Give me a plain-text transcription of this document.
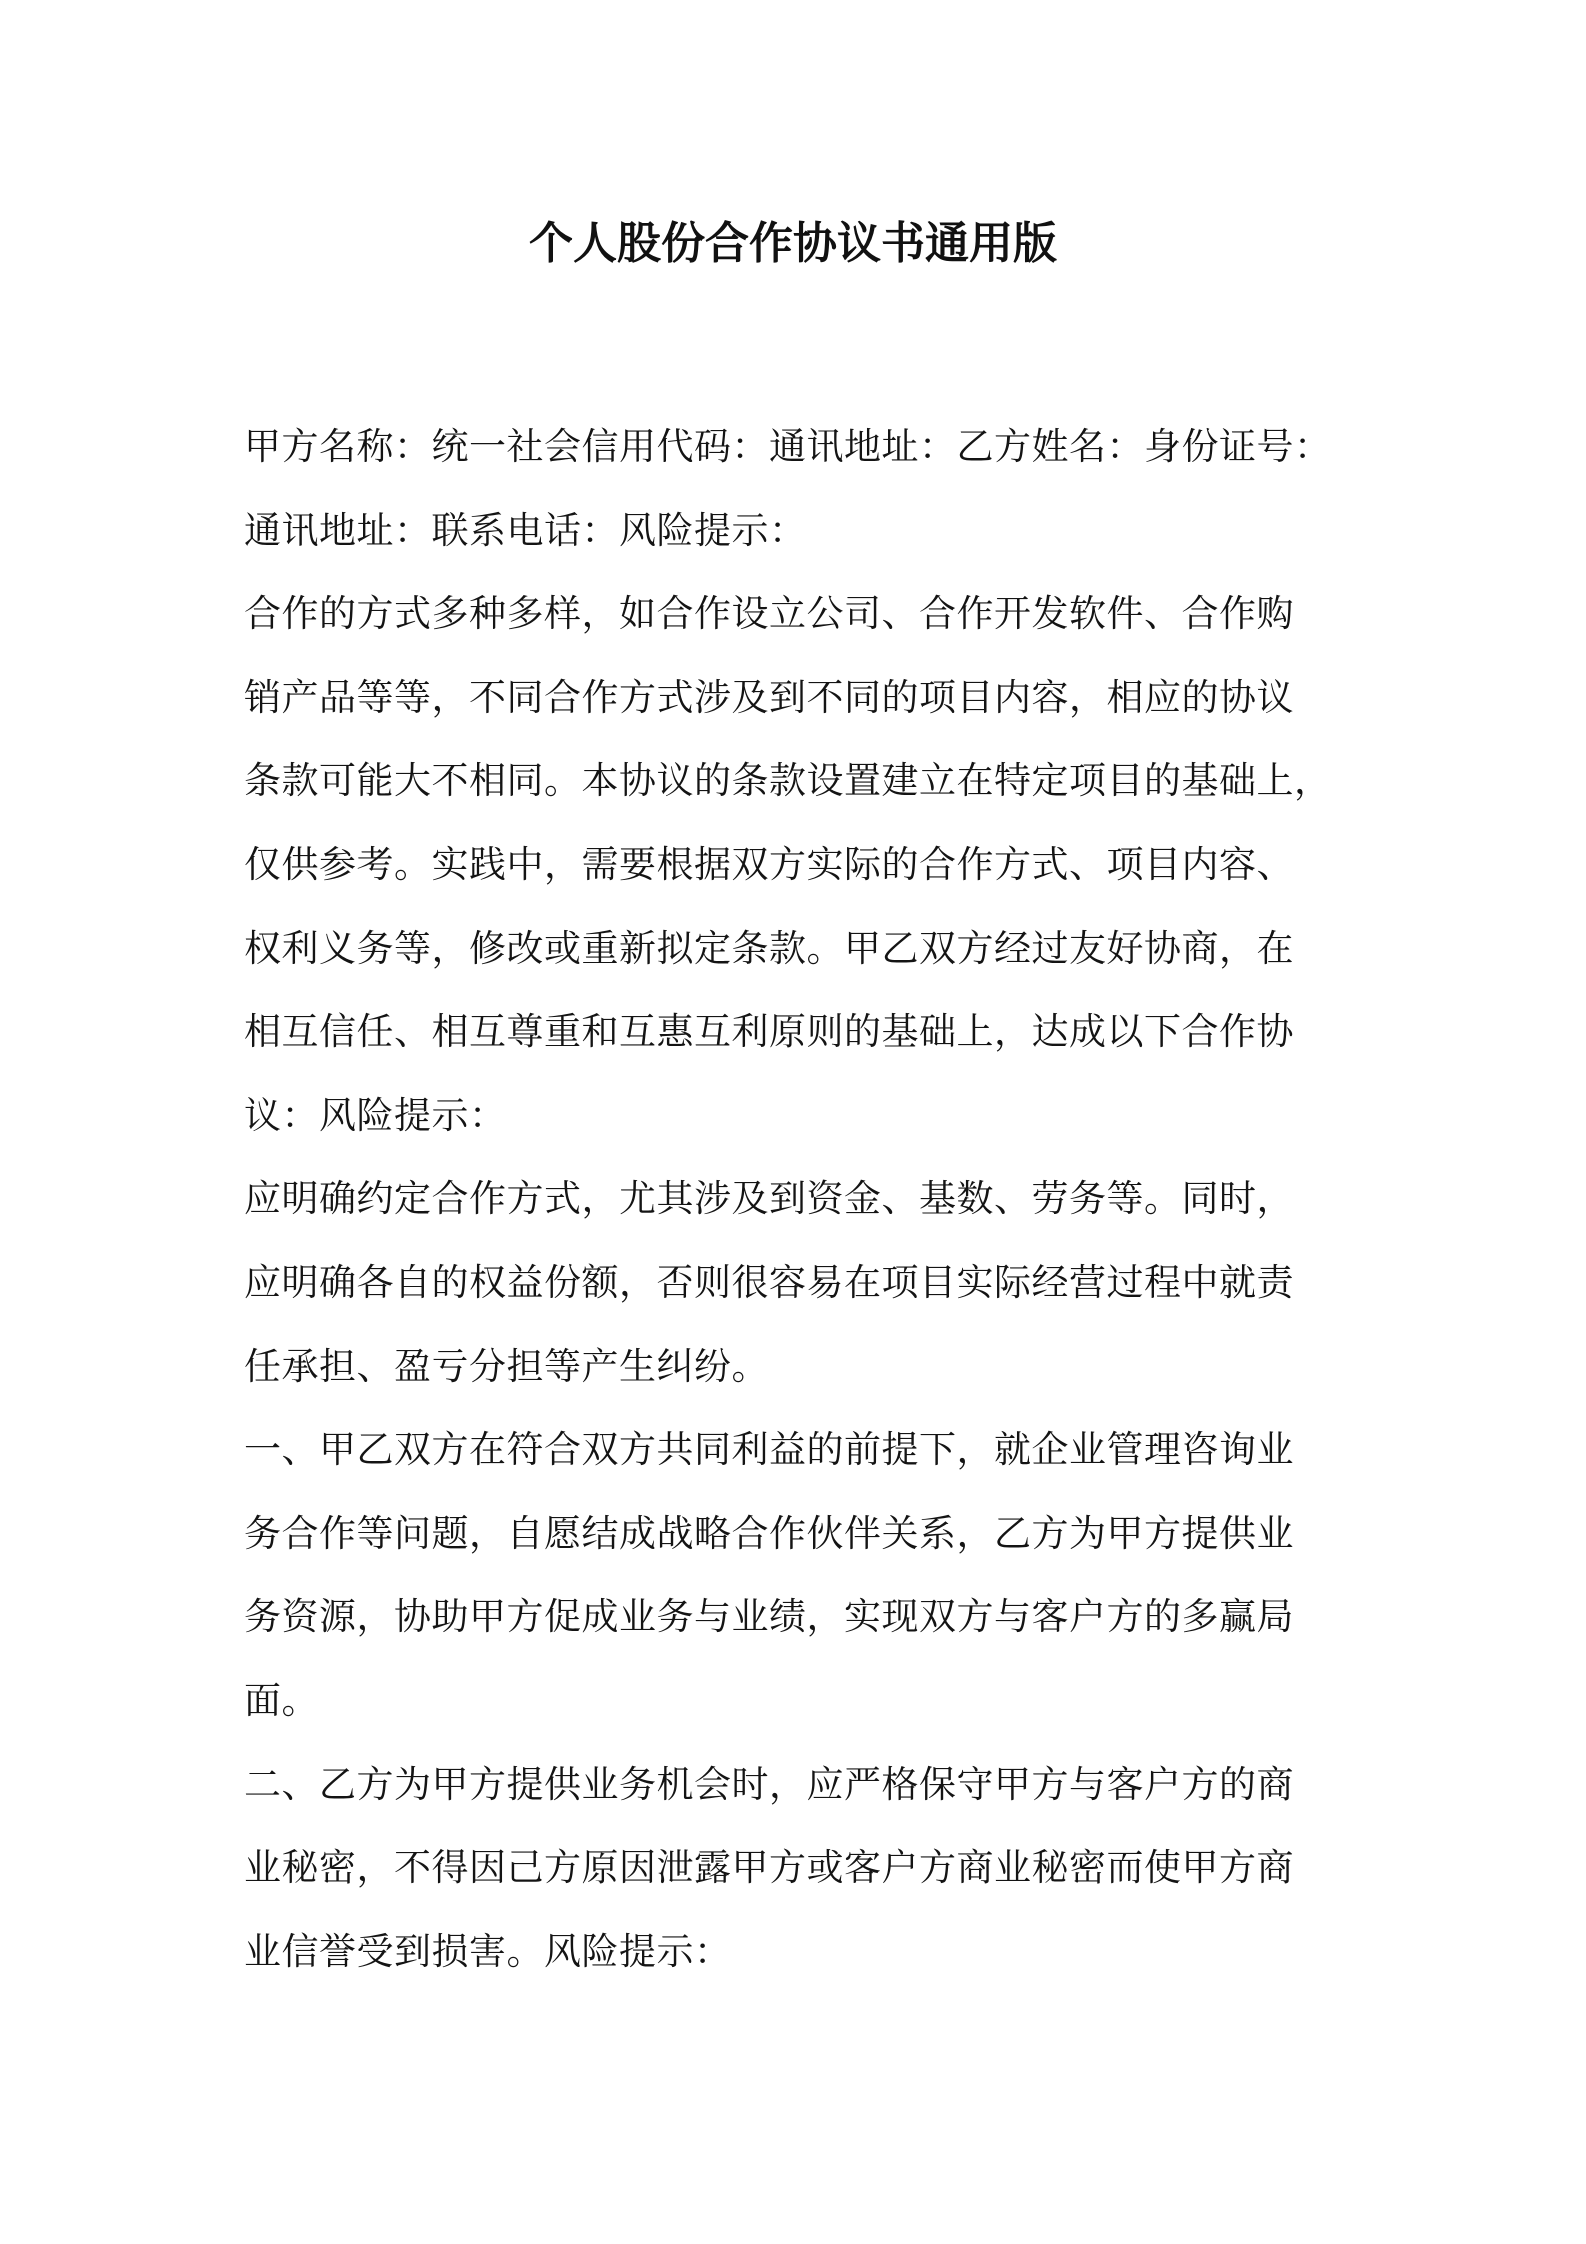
个人股份合作协议书通用版
甲方名称：统一社会信用代码：通讯地址：乙方姓名：身份证号：
通讯地址：联系电话：风险提示：
合作的方式多种多样，如合作设立公司、合作开发软件、合作购
销产品等等，不同合作方式涉及到不同的项目内容，相应的协议
条款可能大不相同。本协议的条款设置建立在特定项目的基础上，
仅供参考。实践中，需要根据双方实际的合作方式、项目内容、
权利义务等，修改或重新拟定条款。甲乙双方经过友好协商，在
相互信任、相互尊重和互惠互利原则的基础上，达成以下合作协
议：风险提示：
应明确约定合作方式，尤其涉及到资金、基数、劳务等。同时，
应明确各自的权益份额，否则很容易在项目实际经营过程中就责
任承担、盈亏分担等产生纠纷。
一、甲乙双方在符合双方共同利益的前提下，就企业管理咨询业
务合作等问题，自愿结成战略合作伙伴关系，乙方为甲方提供业
务资源，协助甲方促成业务与业绩，实现双方与客户方的多赢局
面。
二、乙方为甲方提供业务机会时，应严格保守甲方与客户方的商
业秘密，不得因己方原因泄露甲方或客户方商业秘密而使甲方商
业信誉受到损害。风险提示：
